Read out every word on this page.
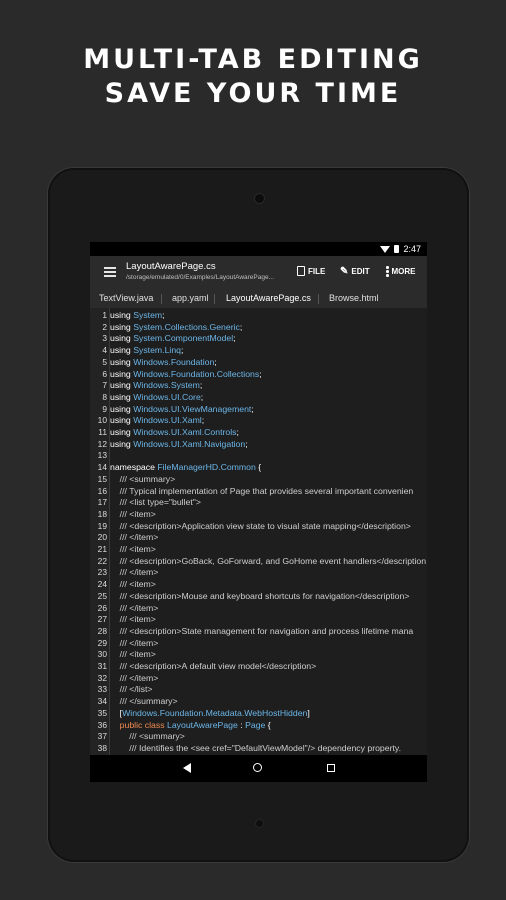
MULTI-TAB EDITING
SAVE YOUR TIME
2:47
LayoutAwarePage.cs
/storage/emulated/0/Examples/LayoutAwarePage...
FILE ✎ EDIT	MORE
TextView.java	app.yaml	LayoutAwarePage.cs	Browse.html
1 using System;
2 using System.Collections.Generic;
3 using System.ComponentModel;
4 using System.Linq;
5 using Windows.Foundation;
6 using Windows.Foundation.Collections;
7 using Windows.System;
8 using Windows.UI.Core;
9 using Windows.UI.ViewManagement;
10 using Windows.UI.Xaml;
11 using Windows.UI.Xaml.Controls;
12 using Windows.UI.Xaml.Navigation;
13
14 namespace FileManagerHD.Common {
15 /// <summary>
16 /// Typical implementation of Page that provides several important convenien
17 /// <list type="bullet">
18 /// <item>
19 /// <description>Application view state to visual state mapping</description>
20 /// </item>
21 /// <item>
22 /// <description>GoBack, GoForward, and GoHome event handlers</description
23 /// </item>
24 /// <item>
25 /// <description>Mouse and keyboard shortcuts for navigation</description>
26 /// </item>
27 /// <item>
28 /// <description>State management for navigation and process lifetime mana
29 /// </item>
30 /// <item>
31 /// <description>A default view model</description>
32 /// </item>
33 /// </list>
34 /// </summary>
35 [Windows.Foundation.Metadata.WebHostHidden]
36 public class LayoutAwarePage : Page {
37 /// <summary>
38 /// Identifies the <see cref="DefaultViewModel"/> dependency property.
